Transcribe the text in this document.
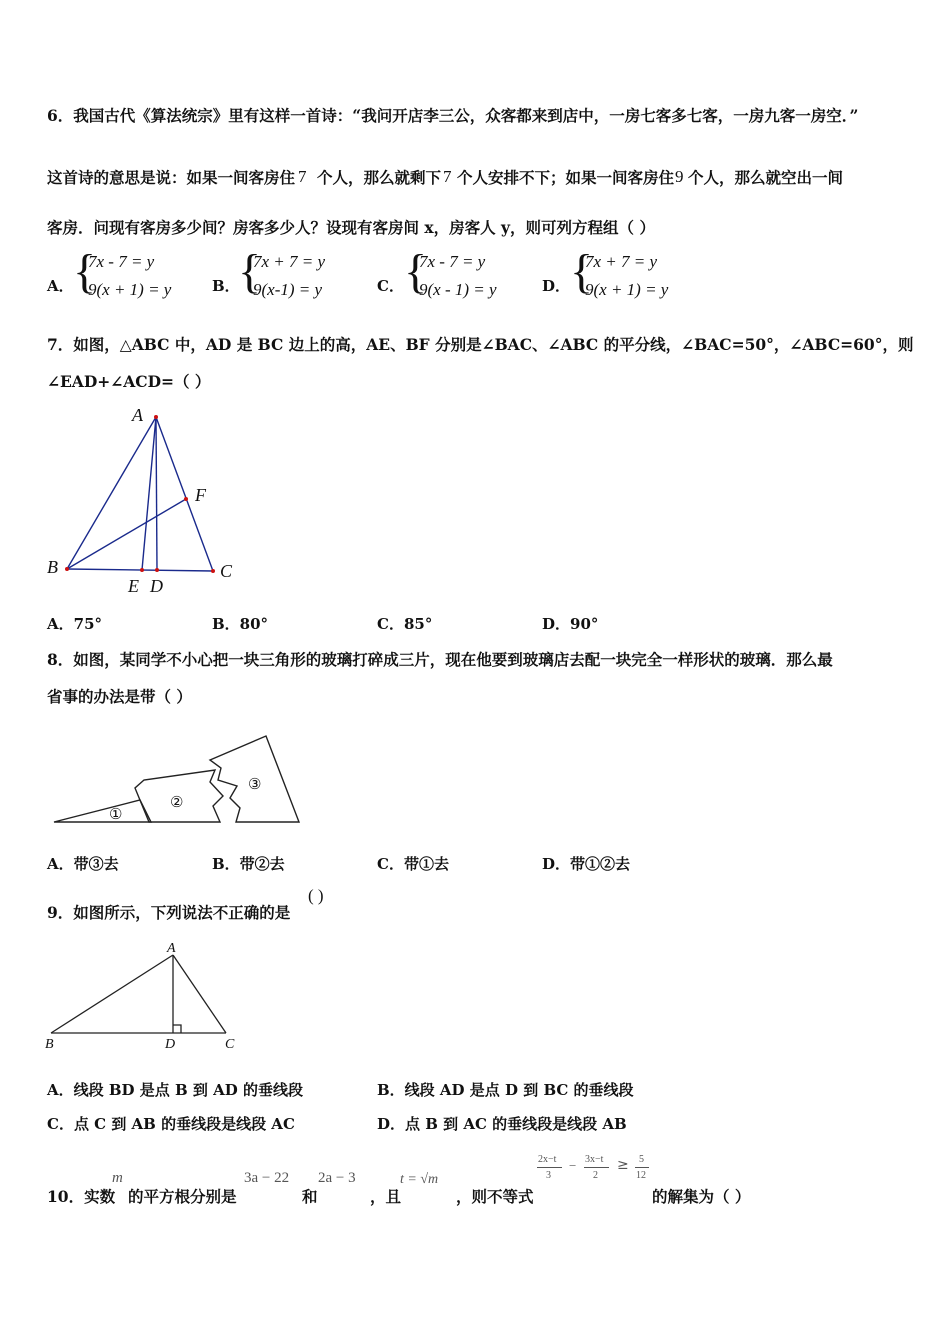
6．我国古代《算法统宗》里有这样一首诗：“我问开店李三公，众客都来到店中，一房七客多七客，一房九客一房空．”
这首诗的意思是说：如果一间客房住 7 个人，那么就剩下 7 个人安排不下；如果一间客房住 9 个人，那么就空出一间
客房．问现有客房多少间？房客多少人？设现有客房间 x，房客人 y，则可列方程组（ ）
A． {
7x - 7 = y
9(x + 1) = y	B．
{
7x + 7 = y
9(x-1) = y	C． {
7x - 7 = y
9(x - 1) = y	D． {
7x + 7 = y
9(x + 1) = y
7．如图，△ABC 中，AD 是 BC 边上的高，AE、BF 分别是∠BAC、∠ABC 的平分线，∠BAC=50°，∠ABC=60°，则
∠EAD+∠ACD=（ ）
A
B	C
E D
F
A．75°	B．80°	C．85°	D．90°
8．如图，某同学不小心把一块三角形的玻璃打碎成三片，现在他要到玻璃店去配一块完全一样形状的玻璃．那么最
省事的办法是带（ ）
①
②
③
A．带③去	B．带②去	C．带①去	D．带①②去
9．如图所示，下列说法不正确的是
( )
A
B	C
D
A．线段 BD 是点 B 到 AD 的垂线段	B．线段 AD 是点 D 到 BC 的垂线段
C．点 C 到 AB 的垂线段是线段 AC	D．点 B 到 AC 的垂线段是线段 AB
10．实数
m
的平方根分别是
3a − 22
和
2a − 3
，且
t = √m
，则不等式
2x−t
3
− 3x−t
2
≥ 5
12
的解集为（ ）
